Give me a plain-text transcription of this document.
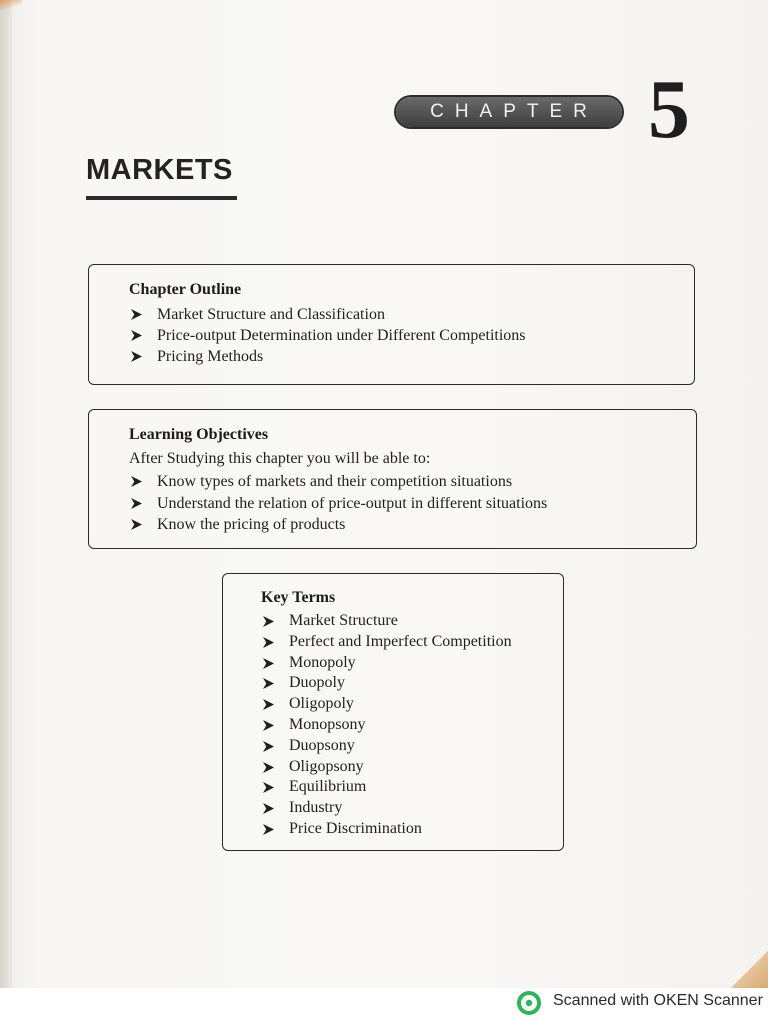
CHAPTER 5
MARKETS
Chapter Outline
Market Structure and Classification
Price-output Determination under Different Competitions
Pricing Methods
Learning Objectives
After Studying this chapter you will be able to:
Know types of markets and their competition situations
Understand the relation of price-output in different situations
Know the pricing of products
Key Terms
Market Structure
Perfect and Imperfect Competition
Monopoly
Duopoly
Oligopoly
Monopsony
Duopsony
Oligopsony
Equilibrium
Industry
Price Discrimination
Scanned with OKEN Scanner
